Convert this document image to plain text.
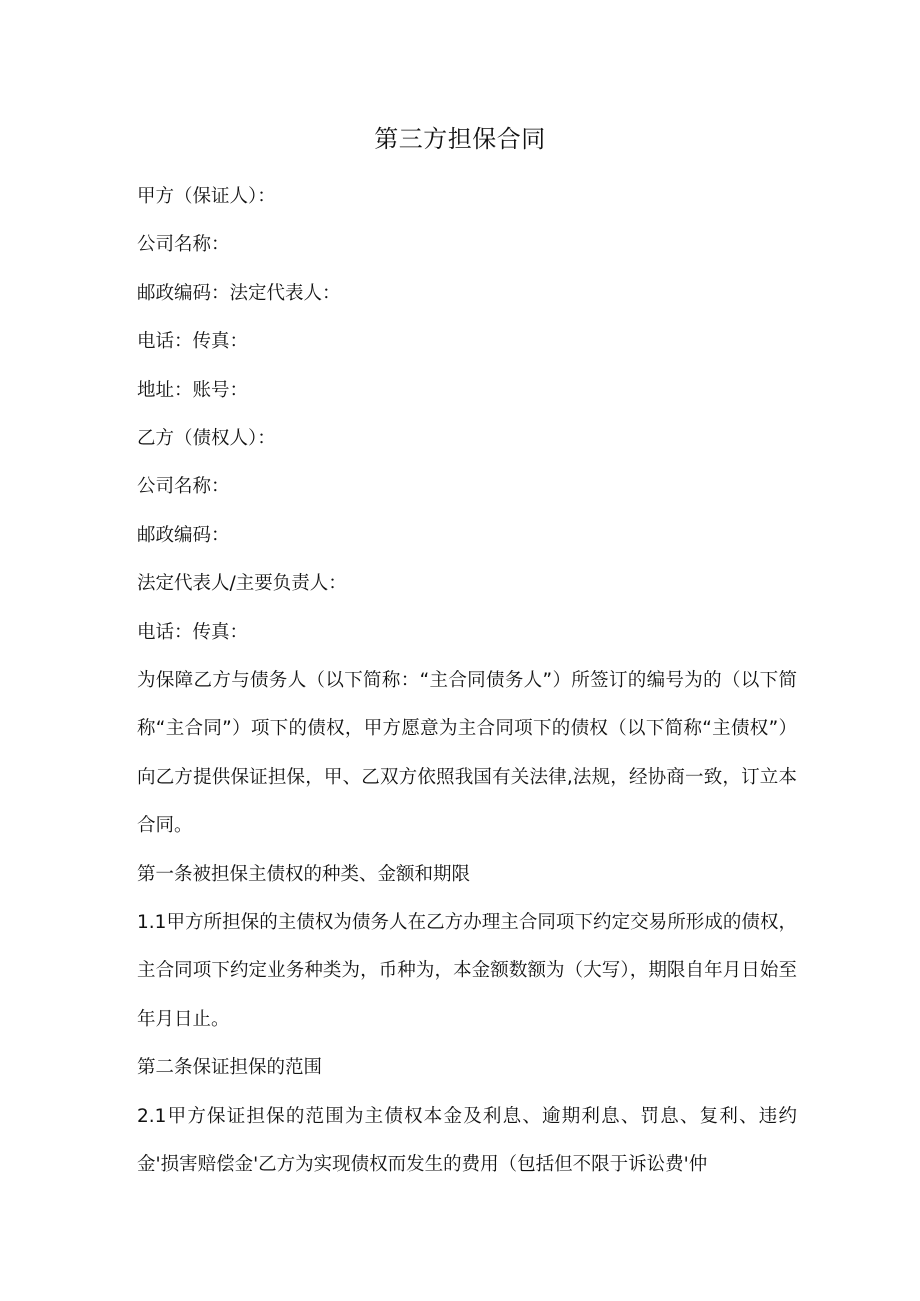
第三方担保合同

甲方（保证人）：

公司名称：

邮政编码：法定代表人：

电话：传真：

地址：账号：

乙方（债权人）：

公司名称：

邮政编码：

法定代表人/主要负责人：

电话：传真：

为保障乙方与债务人（以下简称：“主合同债务人”）所签订的编号为的（以下简称“主合同”）项下的债权，甲方愿意为主合同项下的债权（以下简称“主债权”）向乙方提供保证担保，甲、乙双方依照我国有关法律,法规，经协商一致，订立本合同。

第一条被担保主债权的种类、金额和期限

1.1甲方所担保的主债权为债务人在乙方办理主合同项下约定交易所形成的债权，主合同项下约定业务种类为，币种为，本金额数额为（大写），期限自年月日始至年月日止。

第二条保证担保的范围

2.1甲方保证担保的范围为主债权本金及利息、逾期利息、罚息、复利、违约金'损害赔偿金'乙方为实现债权而发生的费用（包括但不限于诉讼费'仲
